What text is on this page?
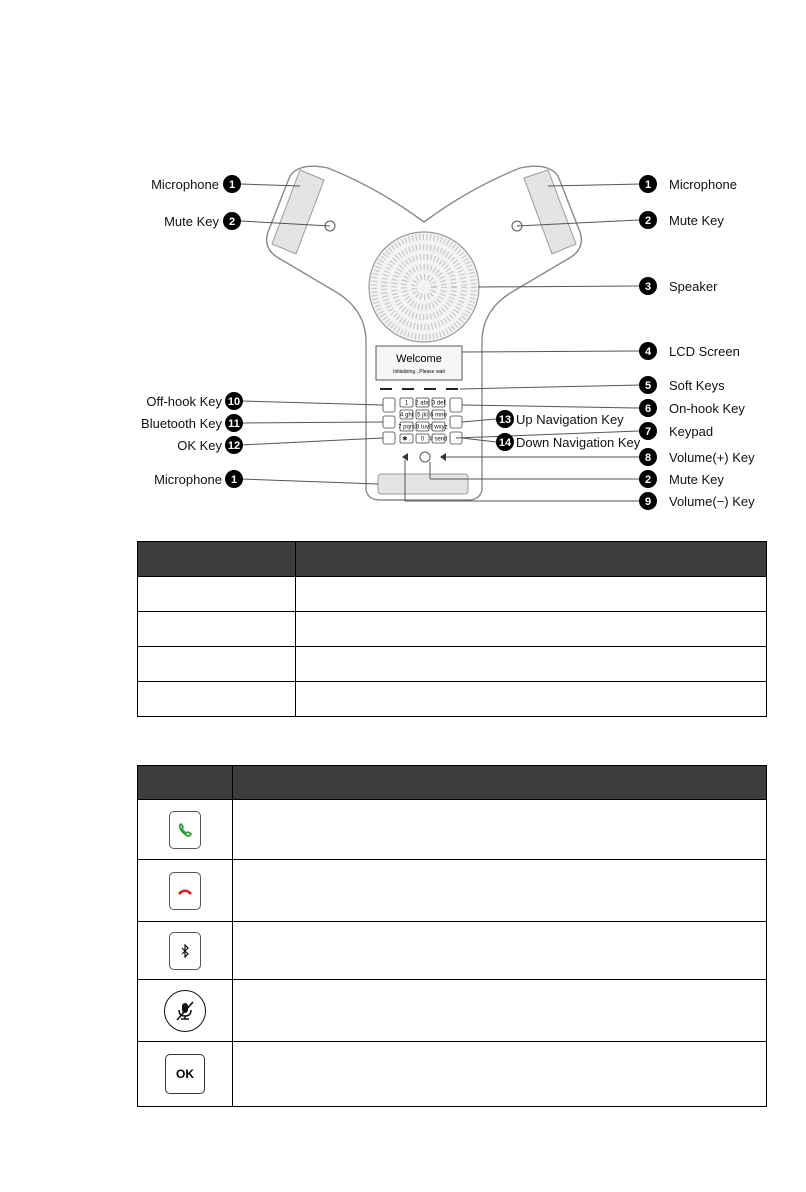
Welcome
Initializing...Please wait
1 2 abc 3 def
4 ghi 5 jkl 6 mno
7 pqrs 8 tuv 9 wxyz
✱ . 0 # send
Microphone 1
Mute Key 2
Off-hook Key 10
Bluetooth Key 11
OK Key 12
Microphone 1
1 Microphone
2 Mute Key
3 Speaker
4 LCD Screen
5 Soft Keys
6 On-hook Key
7 Keypad
8 Volume(+) Key
2 Mute Key
9 Volume(−) Key
13 Up Navigation Key
14 Down Navigation Key

OK	
